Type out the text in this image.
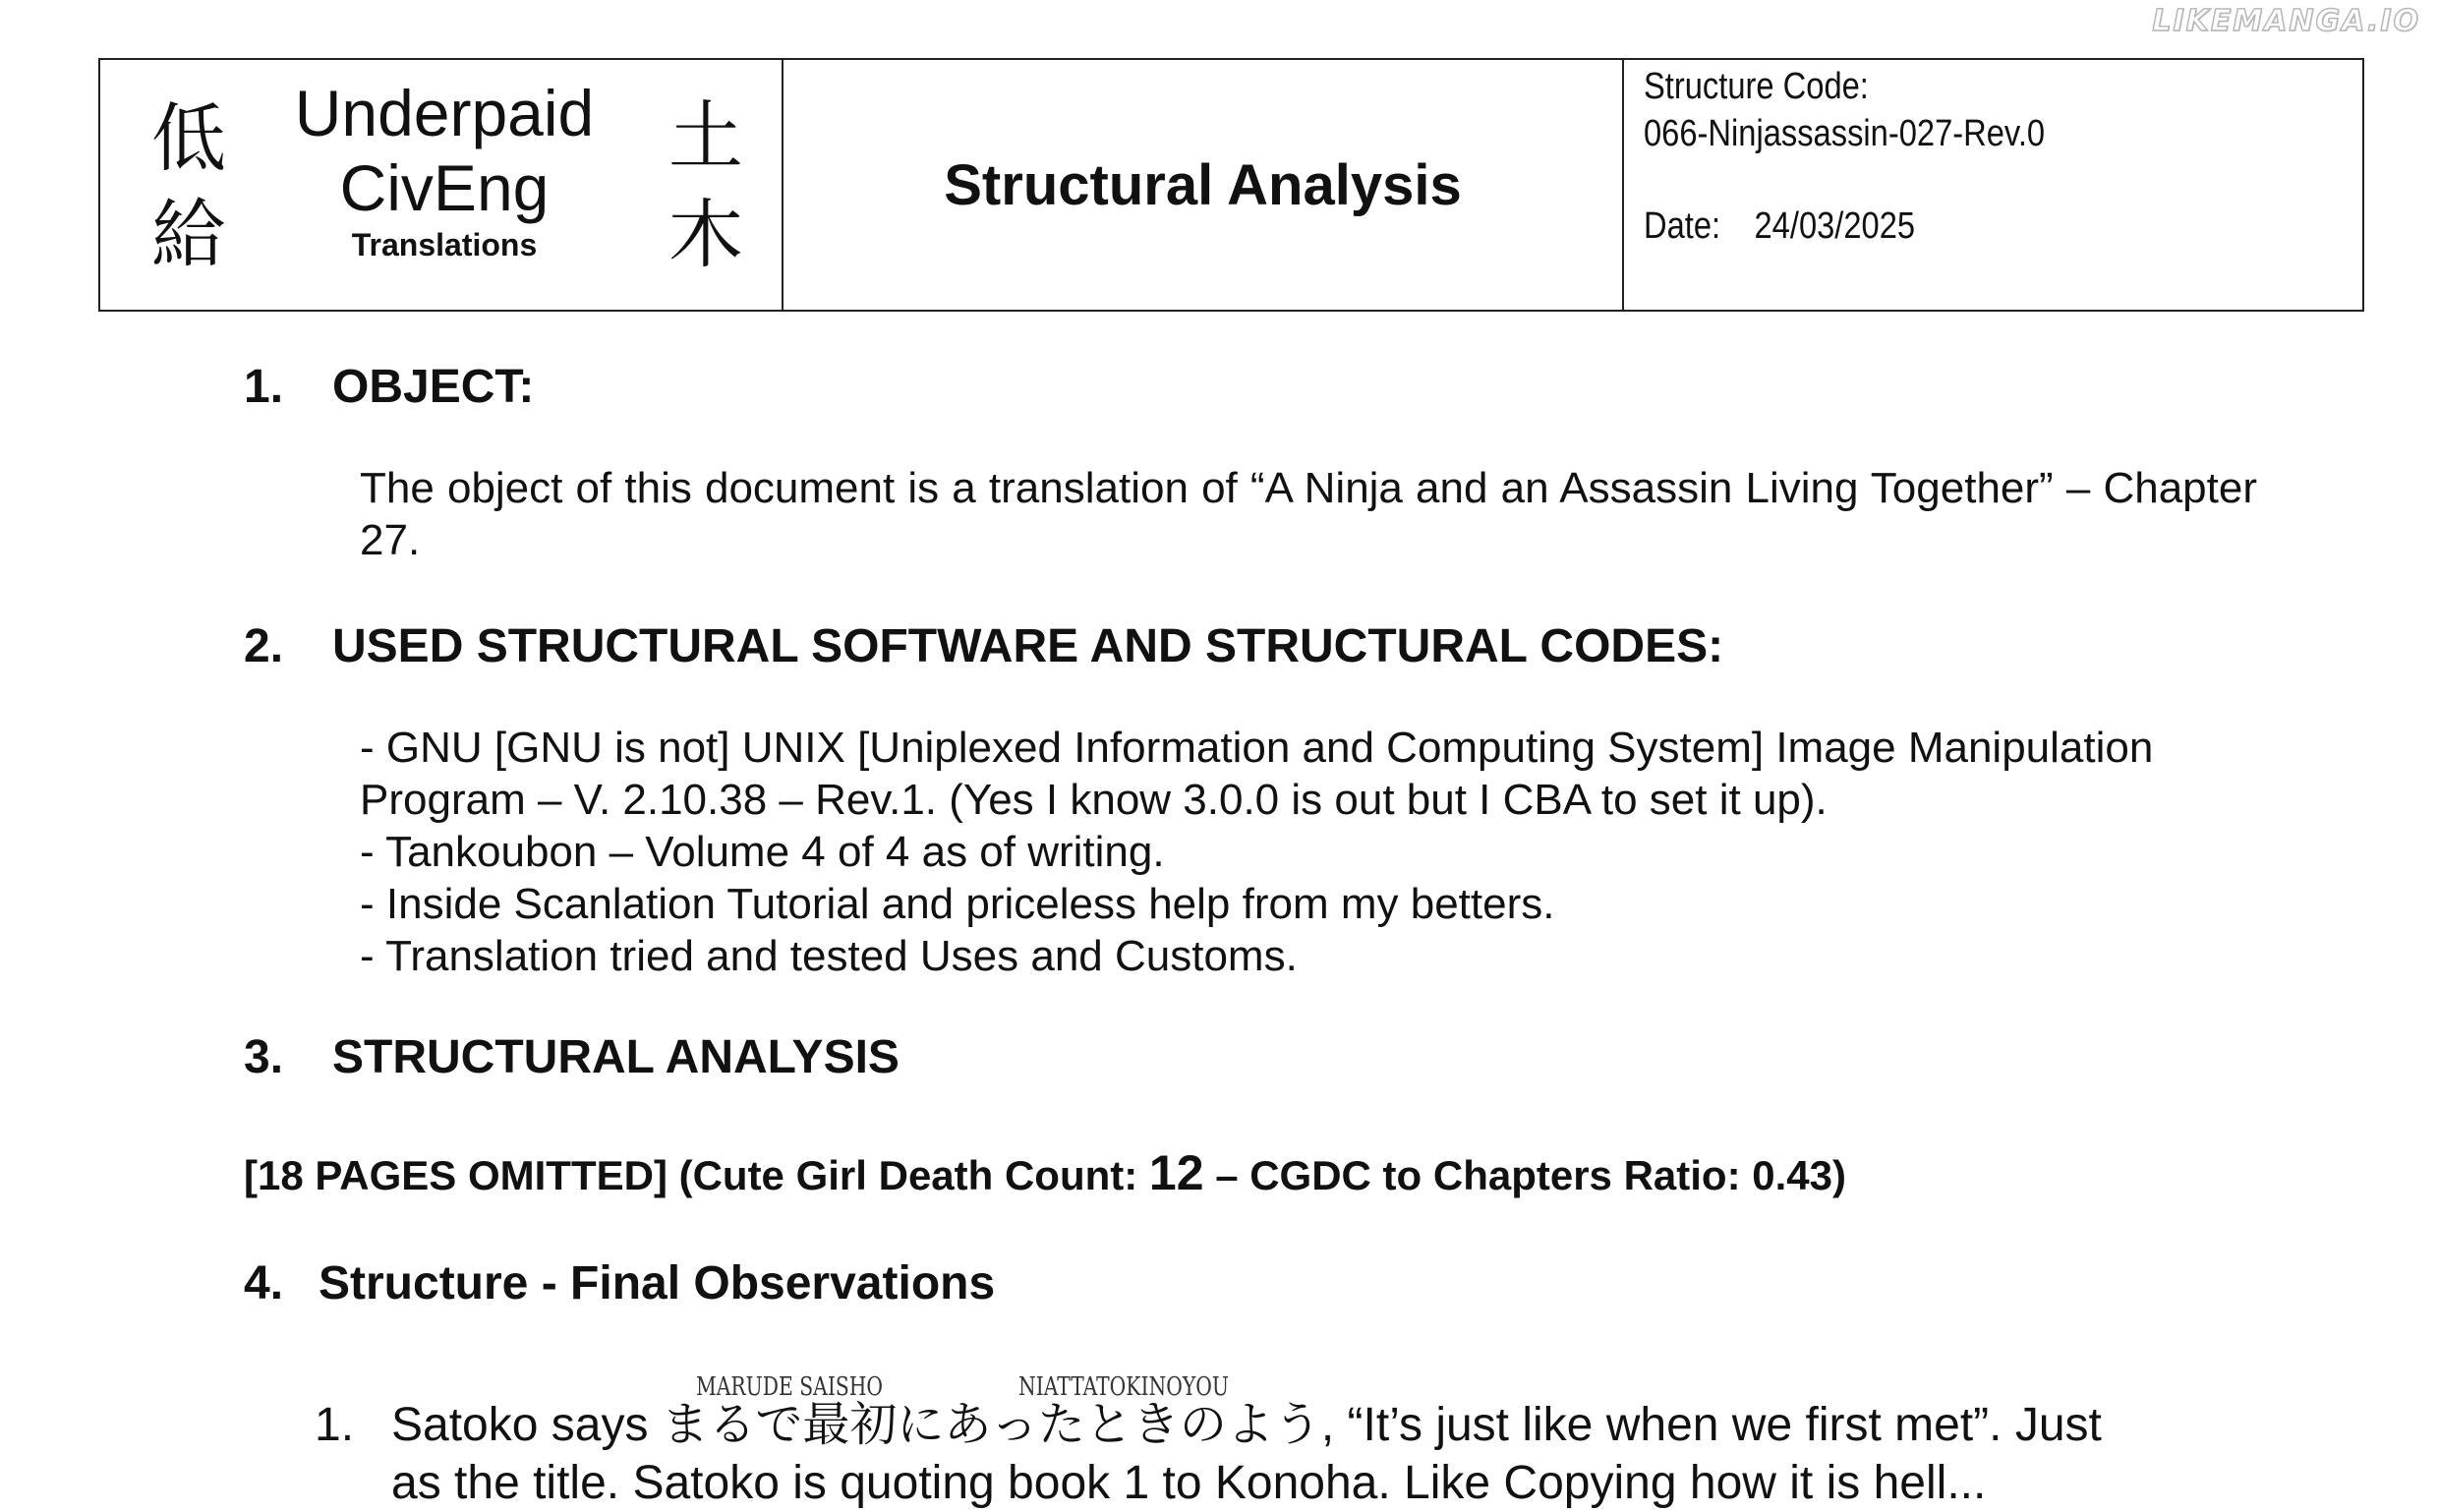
LIKEMANGA.IO
低
給
土
木
Underpaid
CivEng
Translations
Structural Analysis
Structure Code:
066-Ninjassassin-027-Rev.0
Date: 24/03/2025
1. OBJECT:
The object of this document is a translation of “A Ninja and an Assassin Living Together” – Chapter 27.
2. USED STRUCTURAL SOFTWARE AND STRUCTURAL CODES:
- GNU [GNU is not] UNIX [Uniplexed Information and Computing System] Image Manipulation
Program – V. 2.10.38 – Rev.1. (Yes I know 3.0.0 is out but I CBA to set it up).
- Tankoubon – Volume 4 of 4 as of writing.
- Inside Scanlation Tutorial and priceless help from my betters.
- Translation tried and tested Uses and Customs.
3. STRUCTURAL ANALYSIS
[18 PAGES OMITTED] (Cute Girl Death Count: 12 – CGDC to Chapters Ratio: 0.43)
4. Structure - Final Observations
MARUDE SAISHO	NIATTATOKINOYOU
1. Satoko says まるで最初にあったときのよう, “It’s just like when we first met”. Just
as the title. Satoko is quoting book 1 to Konoha. Like Copying how it is hell...
